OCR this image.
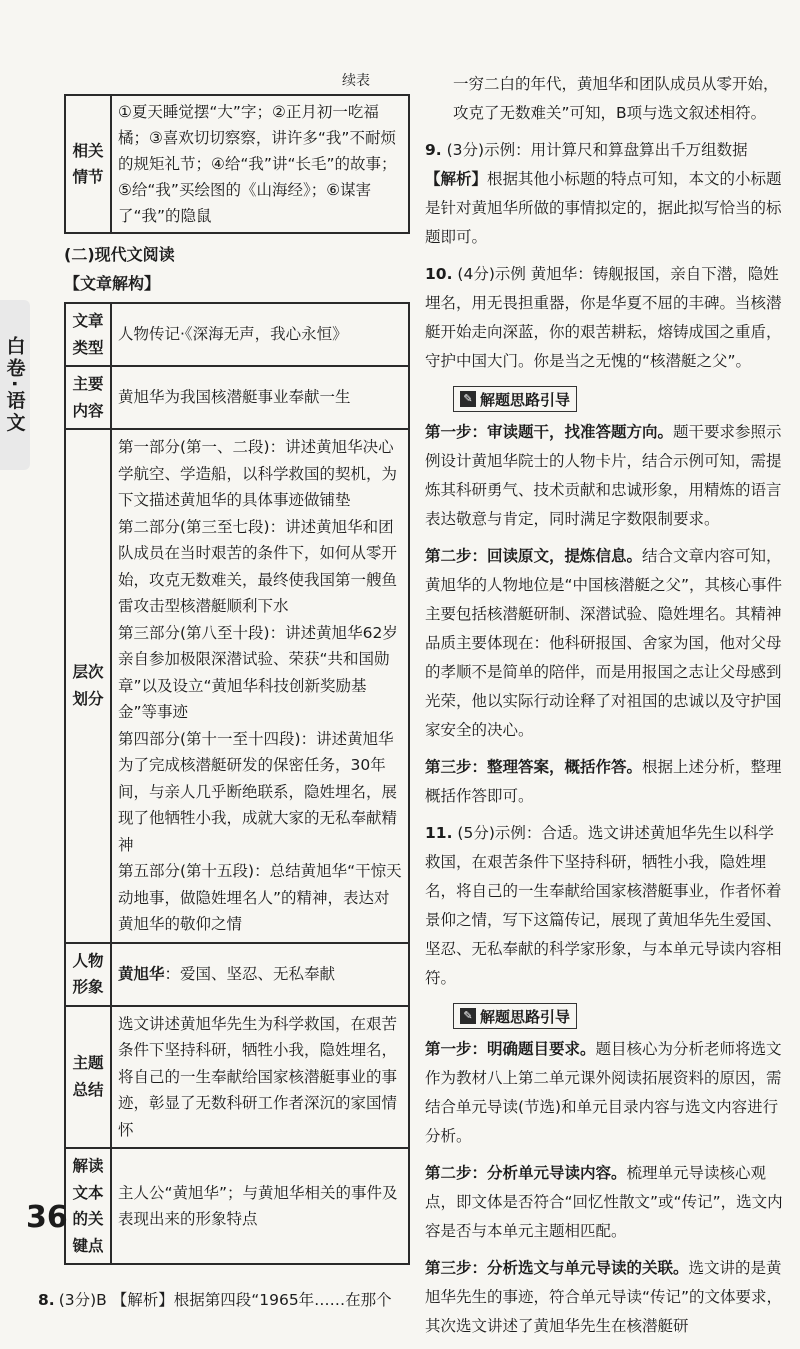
白卷·语文
续表
相关情节	①夏天睡觉摆“大”字；②正月初一吃福橘；③喜欢切切察察，讲许多“我”不耐烦的规矩礼节；④给“我”讲“长毛”的故事；⑤给“我”买绘图的《山海经》；⑥谋害了“我”的隐鼠
(二)现代文阅读
【文章解构】
文章类型	人物传记·《深海无声，我心永恒》
主要内容	黄旭华为我国核潜艇事业奉献一生
层次划分	第一部分(第一、二段)：讲述黄旭华决心学航空、学造船，以科学救国的契机，为下文描述黄旭华的具体事迹做铺垫
第二部分(第三至七段)：讲述黄旭华和团队成员在当时艰苦的条件下，如何从零开始，攻克无数难关，最终使我国第一艘鱼雷攻击型核潜艇顺利下水
第三部分(第八至十段)：讲述黄旭华62岁亲自参加极限深潜试验、荣获“共和国勋章”以及设立“黄旭华科技创新奖励基金”等事迹
第四部分(第十一至十四段)：讲述黄旭华为了完成核潜艇研发的保密任务，30年间，与亲人几乎断绝联系，隐姓埋名，展现了他牺牲小我，成就大家的无私奉献精神
第五部分(第十五段)：总结黄旭华“干惊天动地事，做隐姓埋名人”的精神，表达对黄旭华的敬仰之情

人物形象	黄旭华：爱国、坚忍、无私奉献
主题总结	选文讲述黄旭华先生为科学救国，在艰苦条件下坚持科研，牺牲小我，隐姓埋名，将自己的一生奉献给国家核潜艇事业的事迹，彰显了无数科研工作者深沉的家国情怀
解读文本的关键点	主人公“黄旭华”；与黄旭华相关的事件及表现出来的形象特点
8. (3分)B 【解析】根据第四段“1965年……在那个
36

一穷二白的年代，黄旭华和团队成员从零开始，攻克了无数难关”可知，B项与选文叙述相符。

9. (3分)示例：用计算尺和算盘算出千万组数据
【解析】根据其他小标题的特点可知，本文的小标题是针对黄旭华所做的事情拟定的，据此拟写恰当的标题即可。

10. (4分)示例 黄旭华：铸舰报国，亲自下潜，隐姓埋名，用无畏担重器，你是华夏不屈的丰碑。当核潜艇开始走向深蓝，你的艰苦耕耘，熔铸成国之重盾，守护中国大门。你是当之无愧的“核潜艇之父”。

✎ 解题思路引导

第一步：审读题干，找准答题方向。题干要求参照示例设计黄旭华院士的人物卡片，结合示例可知，需提炼其科研勇气、技术贡献和忠诚形象，用精炼的语言表达敬意与肯定，同时满足字数限制要求。

第二步：回读原文，提炼信息。结合文章内容可知，黄旭华的人物地位是“中国核潜艇之父”，其核心事件主要包括核潜艇研制、深潜试验、隐姓埋名。其精神品质主要体现在：他科研报国、舍家为国，他对父母的孝顺不是简单的陪伴，而是用报国之志让父母感到光荣，他以实际行动诠释了对祖国的忠诚以及守护国家安全的决心。

第三步：整理答案，概括作答。根据上述分析，整理概括作答即可。

11. (5分)示例：合适。选文讲述黄旭华先生以科学救国，在艰苦条件下坚持科研，牺牲小我，隐姓埋名，将自己的一生奉献给国家核潜艇事业，作者怀着景仰之情，写下这篇传记，展现了黄旭华先生爱国、坚忍、无私奉献的科学家形象，与本单元导读内容相符。

✎ 解题思路引导

第一步：明确题目要求。题目核心为分析老师将选文作为教材八上第二单元课外阅读拓展资料的原因，需结合单元导读(节选)和单元目录内容与选文内容进行分析。

第二步：分析单元导读内容。梳理单元导读核心观点，即文体是否符合“回忆性散文”或“传记”，选文内容是否与本单元主题相匹配。

第三步：分析选文与单元导读的关联。选文讲的是黄旭华先生的事迹，符合单元导读“传记”的文体要求，其次选文讲述了黄旭华先生在核潜艇研
